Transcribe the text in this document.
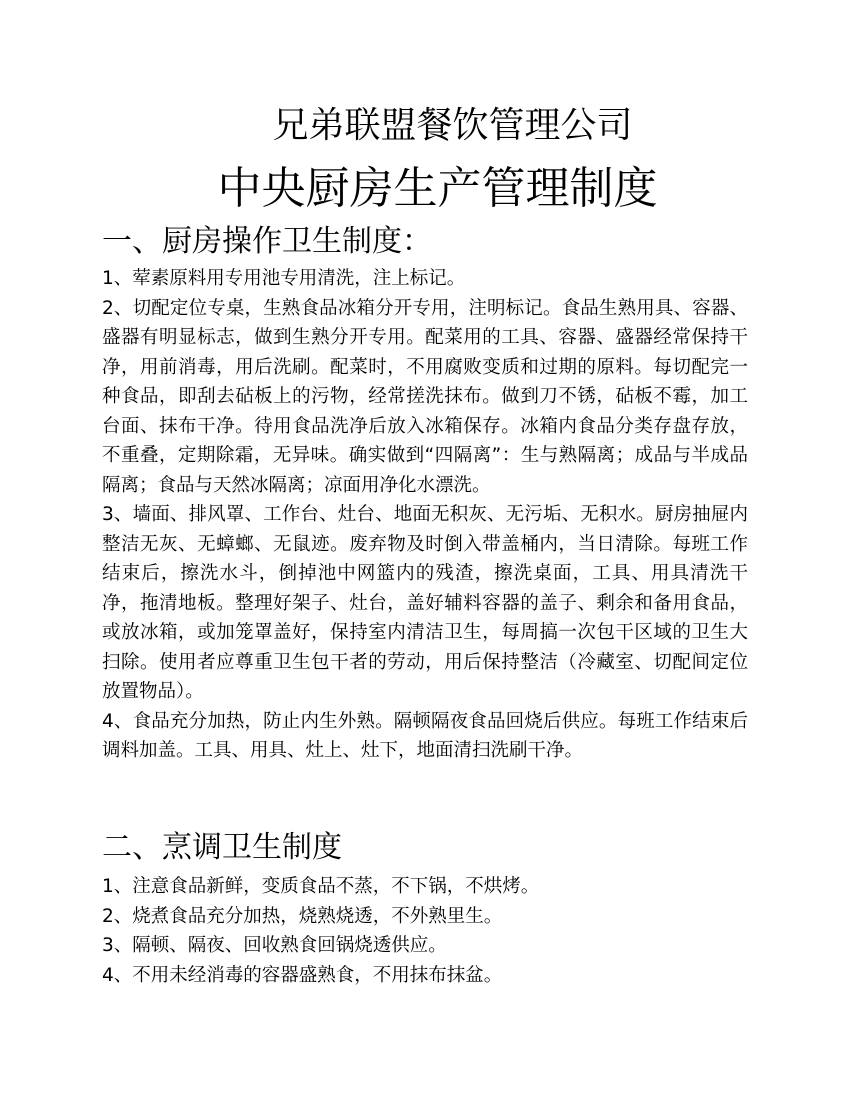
兄弟联盟餐饮管理公司
中央厨房生产管理制度
一、厨房操作卫生制度：

1、荤素原料用专用池专用清洗，注上标记。

2、切配定位专桌，生熟食品冰箱分开专用，注明标记。食品生熟用具、容器、盛器有明显标志，做到生熟分开专用。配菜用的工具、容器、盛器经常保持干净，用前消毒，用后洗刷。配菜时，不用腐败变质和过期的原料。每切配完一种食品，即刮去砧板上的污物，经常搓洗抹布。做到刀不锈，砧板不霉，加工台面、抹布干净。待用食品洗净后放入冰箱保存。冰箱内食品分类存盘存放，不重叠，定期除霜，无异味。确实做到“四隔离”：生与熟隔离；成品与半成品隔离；食品与天然冰隔离；凉面用净化水漂洗。

3、墙面、排风罩、工作台、灶台、地面无积灰、无污垢、无积水。厨房抽屉内整洁无灰、无蟑螂、无鼠迹。废弃物及时倒入带盖桶内，当日清除。每班工作结束后，擦洗水斗，倒掉池中网篮内的残渣，擦洗桌面，工具、用具清洗干净，拖清地板。整理好架子、灶台，盖好辅料容器的盖子、剩余和备用食品，或放冰箱，或加笼罩盖好，保持室内清洁卫生，每周搞一次包干区域的卫生大扫除。使用者应尊重卫生包干者的劳动，用后保持整洁（冷藏室、切配间定位放置物品）。

4、食品充分加热，防止内生外熟。隔顿隔夜食品回烧后供应。每班工作结束后调料加盖。工具、用具、灶上、灶下，地面清扫洗刷干净。

二、烹调卫生制度

1、注意食品新鲜，变质食品不蒸，不下锅，不烘烤。

2、烧煮食品充分加热，烧熟烧透，不外熟里生。

3、隔顿、隔夜、回收熟食回锅烧透供应。

4、不用未经消毒的容器盛熟食，不用抹布抹盆。
